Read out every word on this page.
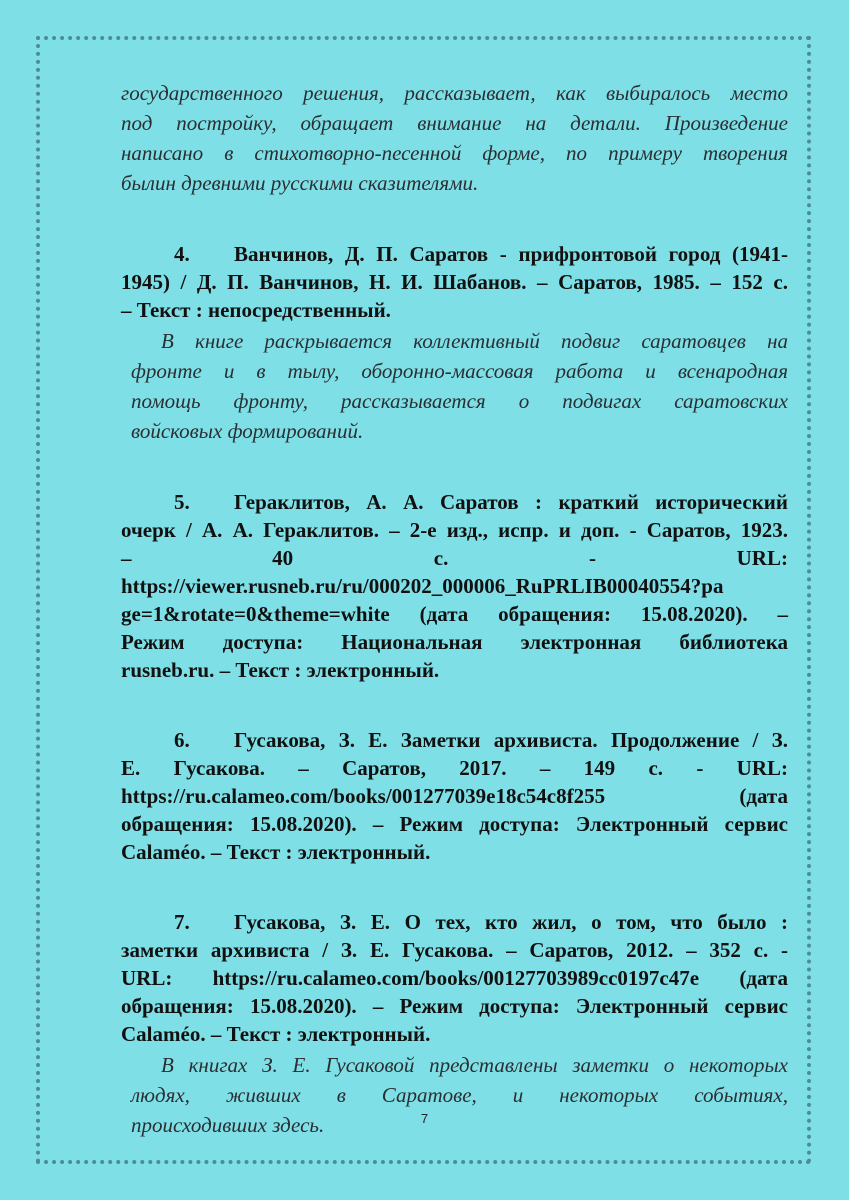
государственного решения, рассказывает, как выбиралось место
под постройку, обращает внимание на детали. Произведение
написано в стихотворно-песенной форме, по примеру творения
былин древними русскими сказителями.
4. Ванчинов, Д. П. Саратов - прифронтовой город (1941-
1945) / Д. П. Ванчинов, Н. И. Шабанов. – Саратов, 1985. – 152 с.
– Текст : непосредственный.
В книге раскрывается коллективный подвиг саратовцев на
фронте и в тылу, оборонно-массовая работа и всенародная
помощь фронту, рассказывается о подвигах саратовских
войсковых формирований.
5. Гераклитов, А. А. Саратов : краткий исторический
очерк / А. А. Гераклитов. – 2-е изд., испр. и доп. - Саратов, 1923.
–	40	с.	-	URL:
https://viewer.rusneb.ru/ru/000202_000006_RuPRLIB00040554?pa
ge=1&rotate=0&theme=white (дата обращения: 15.08.2020). –
Режим доступа: Национальная электронная библиотека
rusneb.ru. – Текст : электронный.
6. Гусакова, З. Е. Заметки архивиста. Продолжение / З.
Е. Гусакова. – Саратов, 2017. – 149 с. - URL:
https://ru.calameo.com/books/001277039e18c54c8f255 (дата
обращения: 15.08.2020). – Режим доступа: Электронный сервис
Calaméo. – Текст : электронный.
7. Гусакова, З. Е. О тех, кто жил, о том, что было :
заметки архивиста / З. Е. Гусакова. – Саратов, 2012. – 352 с. -
URL: https://ru.calameo.com/books/00127703989cc0197c47e (дата
обращения: 15.08.2020). – Режим доступа: Электронный сервис
Calaméo. – Текст : электронный.
В книгах З. Е. Гусаковой представлены заметки о некоторых
людях, живших в Саратове, и некоторых событиях,
происходивших здесь.	7
